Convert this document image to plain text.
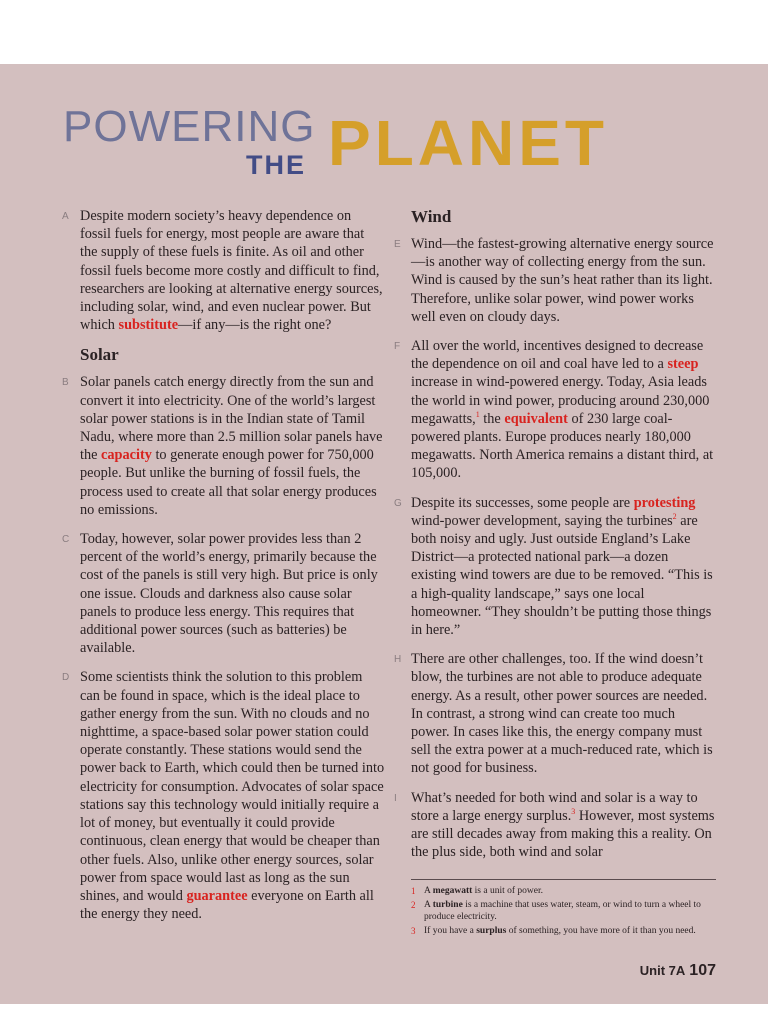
POWERING
THE PLANET

A Despite modern society’s heavy dependence on fossil fuels for energy, most people are aware that the supply of these fuels is finite. As oil and other fossil fuels become more costly and difficult to find, researchers are looking at alternative energy sources, including solar, wind, and even nuclear power. But which substitute—if any—is the right one?

Solar

B Solar panels catch energy directly from the sun and convert it into electricity. One of the world’s largest solar power stations is in the Indian state of Tamil Nadu, where more than 2.5 million solar panels have the capacity to generate enough power for 750,000 people. But unlike the burning of fossil fuels, the process used to create all that solar energy produces no emissions.

C Today, however, solar power provides less than 2 percent of the world’s energy, primarily because the cost of the panels is still very high. But price is only one issue. Clouds and darkness also cause solar panels to produce less energy. This requires that additional power sources (such as batteries) be available.

D Some scientists think the solution to this problem can be found in space, which is the ideal place to gather energy from the sun. With no clouds and no nighttime, a space-based solar power station could operate constantly. These stations would send the power back to Earth, which could then be turned into electricity for consumption. Advocates of solar space stations say this technology would initially require a lot of money, but eventually it could provide continuous, clean energy that would be cheaper than other fuels. Also, unlike other energy sources, solar power from space would last as long as the sun shines, and would guarantee everyone on Earth all the energy they need.

Wind

E Wind—the fastest-growing alternative energy source—is another way of collecting energy from the sun. Wind is caused by the sun’s heat rather than its light. Therefore, unlike solar power, wind power works well even on cloudy days.

F All over the world, incentives designed to decrease the dependence on oil and coal have led to a steep increase in wind-powered energy. Today, Asia leads the world in wind power, producing around 230,000 megawatts,$^1$ the equivalent of 230 large coal-powered plants. Europe produces nearly 180,000 megawatts. North America remains a distant third, at 105,000.

G Despite its successes, some people are protesting wind-power development, saying the turbines$^2$ are both noisy and ugly. Just outside England’s Lake District—a protected national park—a dozen existing wind towers are due to be removed. “This is a high-quality landscape,” says one local homeowner. “They shouldn’t be putting those things in here.”

H There are other challenges, too. If the wind doesn’t blow, the turbines are not able to produce adequate energy. As a result, other power sources are needed. In contrast, a strong wind can create too much power. In cases like this, the energy company must sell the extra power at a much-reduced rate, which is not good for business.

I What’s needed for both wind and solar is a way to store a large energy surplus.$^3$ However, most systems are still decades away from making this a reality. On the plus side, both wind and solar

1 A megawatt is a unit of power.
2 A turbine is a machine that uses water, steam, or wind to turn a wheel to produce electricity.
3 If you have a surplus of something, you have more of it than you need.
Unit 7A 107
